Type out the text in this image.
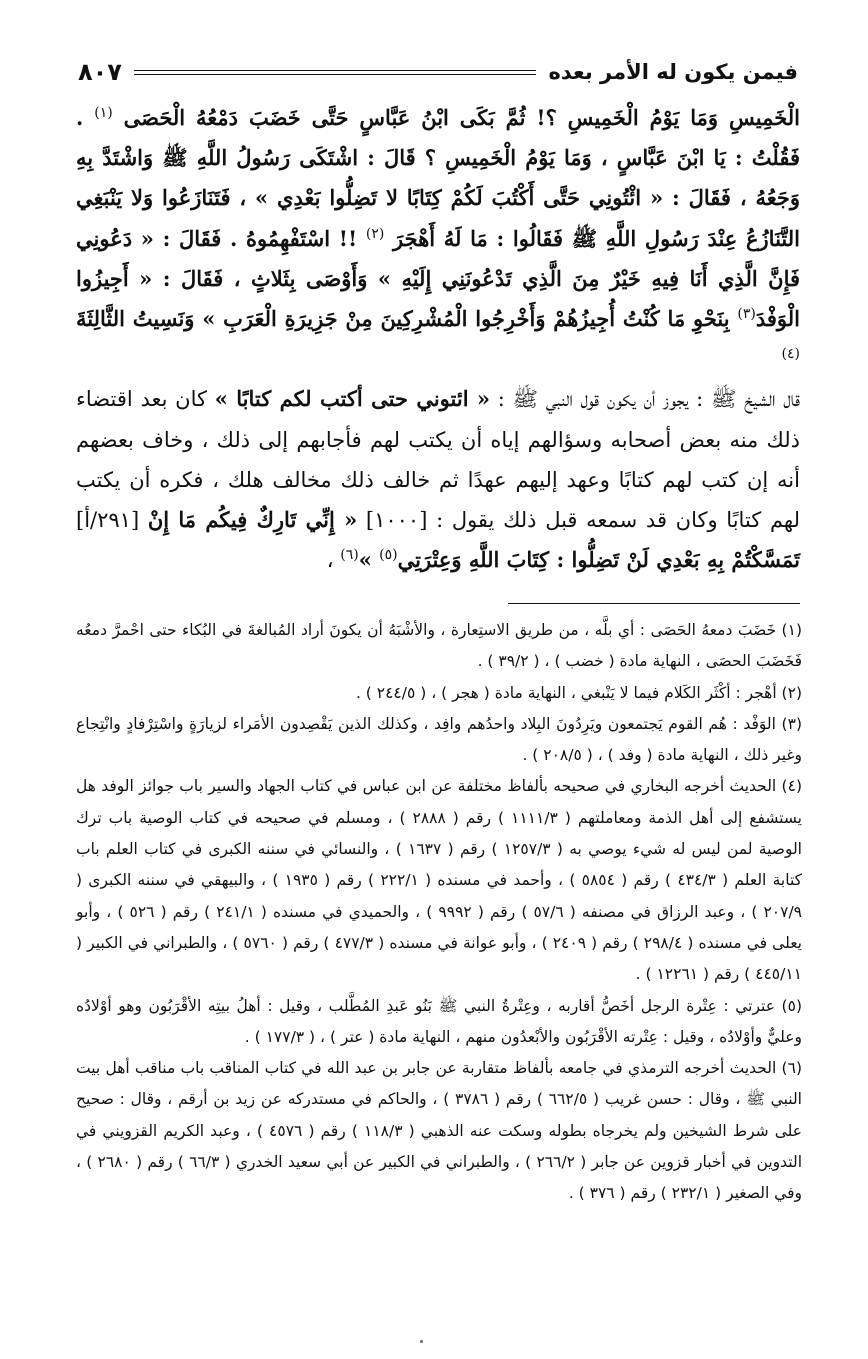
فيمن يكون له الأمر بعده
٨٠٧

الْخَمِيسِ وَمَا يَوْمُ الْخَمِيسِ ؟! ثُمَّ بَكَى ابْنُ عَبَّاسٍ حَتَّى خَضَبَ دَمْعُهُ الْحَصَى $^{(١)}$ . فَقُلْتُ : يَا ابْنَ عَبَّاسٍ ، وَمَا يَوْمُ الْخَمِيسِ ؟ قَالَ : اشْتَكَى رَسُولُ اللَّهِ ﷺ وَاشْتَدَّ بِهِ وَجَعُهُ ، فَقَالَ : « ائْتُونِي حَتَّى أَكْتُبَ لَكُمْ كِتَابًا لا تَضِلُّوا بَعْدِي » ، فَتَنَازَعُوا وَلا يَنْبَغِي التَّنَازُعُ عِنْدَ رَسُولِ اللَّهِ ﷺ فَقَالُوا : مَا لَهُ أَهْجَرَ $^{(٢)}$ !! اسْتَفْهِمُوهُ . فَقَالَ : « دَعُونِي فَإِنَّ الَّذِي أَنَا فِيهِ خَيْرٌ مِنَ الَّذِي تَدْعُونَنِي إِلَيْهِ » وَأَوْصَى بِثَلاثٍ ، فَقَالَ : « أَجِيزُوا الْوَفْدَ$^{(٣)}$ بِنَحْوِ مَا كُنْتُ أُجِيزُهُمْ وَأَخْرِجُوا الْمُشْرِكِينَ مِنْ جَزِيرَةِ الْعَرَبِ » وَنَسِيتُ الثَّالِثَةَ $^{(٤)}$

قال الشيخ ﷺ : يجوز أن يكون قول النبي ﷺ : « ائتوني حتى أكتب لكم كتابًا » كان بعد اقتضاء ذلك منه بعض أصحابه وسؤالهم إياه أن يكتب لهم فأجابهم إلى ذلك ، وخاف بعضهم أنه إن كتب لهم كتابًا وعهد إليهم عهدًا ثم خالف ذلك مخالف هلك ، فكره أن يكتب لهم كتابًا وكان قد سمعه قبل ذلك يقول : [١٠٠٠] « إِنِّي تَارِكٌ فِيكُم مَا إِنْ [٢٩١/أ] تَمَسَّكْتُمْ بِهِ بَعْدِي لَنْ تَضِلُّوا : كِتَابَ اللَّهِ وَعِتْرَتِي$^{(٥)}$ »$^{(٦)}$ ،

(١) خَضَبَ دمعهُ الحَصَى : أي بلَّه ، من طريق الاستِعارة ، والأشْبَهُ أن يكونَ أراد المُبالغةَ في البُكاء حتى احْمرَّ دمعُه فَخَضَبَ الحصَى ، النهاية مادة ( خضب ) ، ( ٣٩/٢ ) .

(٢) أهْجر : أكْثَر الكَلام فيما لا يَنْبغي ، النهاية مادة ( هجر ) ، ( ٢٤٤/٥ ) .

(٣) الوَفْد : هُم القوم يَجتمعون ويَرِدُونَ البِلاد واحدُهم وافِد ، وكذلك الذين يَقْصِدون الأمَراء لزيارَةٍ واسْتِرْفادٍ وانْتِجاع وغير ذلك ، النهاية مادة ( وفد ) ، ( ٢٠٨/٥ ) .

(٤) الحديث أخرجه البخاري في صحيحه بألفاظ مختلفة عن ابن عباس في كتاب الجهاد والسير باب جوائز الوفد هل يستشفع إلى أهل الذمة ومعاملتهم ( ١١١١/٣ ) رقم ( ٢٨٨٨ ) ، ومسلم في صحيحه في كتاب الوصية باب ترك الوصية لمن ليس له شيء يوصي به ( ١٢٥٧/٣ ) رقم ( ١٦٣٧ ) ، والنسائي في سننه الكبرى في كتاب العلم باب كتابة العلم ( ٤٣٤/٣ ) رقم ( ٥٨٥٤ ) ، وأحمد في مسنده ( ٢٢٢/١ ) رقم ( ١٩٣٥ ) ، والبيهقي في سننه الكبرى ( ٢٠٧/٩ ) ، وعبد الرزاق في مصنفه ( ٥٧/٦ ) رقم ( ٩٩٩٢ ) ، والحميدي في مسنده ( ٢٤١/١ ) رقم ( ٥٢٦ ) ، وأبو يعلى في مسنده ( ٢٩٨/٤ ) رقم ( ٢٤٠٩ ) ، وأبو عوانة في مسنده ( ٤٧٧/٣ ) رقم ( ٥٧٦٠ ) ، والطبراني في الكبير ( ٤٤٥/١١ ) رقم ( ١٢٢٦١ ) .

(٥) عترتي : عِتْرة الرجل أخَصُّ أقاربه ، وعِتْرةُ النبي ﷺ بَنُو عَبدِ المُطَّلب ، وقيل : أهلُ بيتِه الأقْرَبُون وهو أوْلادُه وعليٌّ وأوْلادُه ، وقيل : عِتْرته الأقْرَبُون والأبْعدُون منهم ، النهاية مادة ( عتر ) ، ( ١٧٧/٣ ) .

(٦) الحديث أخرجه الترمذي في جامعه بألفاظ متقاربة عن جابر بن عبد الله في كتاب المناقب باب مناقب أهل بيت النبي ﷺ ، وقال : حسن غريب ( ٦٦٢/٥ ) رقم ( ٣٧٨٦ ) ، والحاكم في مستدركه عن زيد بن أرقم ، وقال : صحيح على شرط الشيخين ولم يخرجاه بطوله وسكت عنه الذهبي ( ١١٨/٣ ) رقم ( ٤٥٧٦ ) ، وعبد الكريم القزويني في التدوين في أخبار قزوين عن جابر ( ٢٦٦/٢ ) ، والطبراني في الكبير عن أبي سعيد الخدري ( ٦٦/٣ ) رقم ( ٢٦٨٠ ) ، وفي الصغير ( ٢٣٢/١ ) رقم ( ٣٧٦ ) .
